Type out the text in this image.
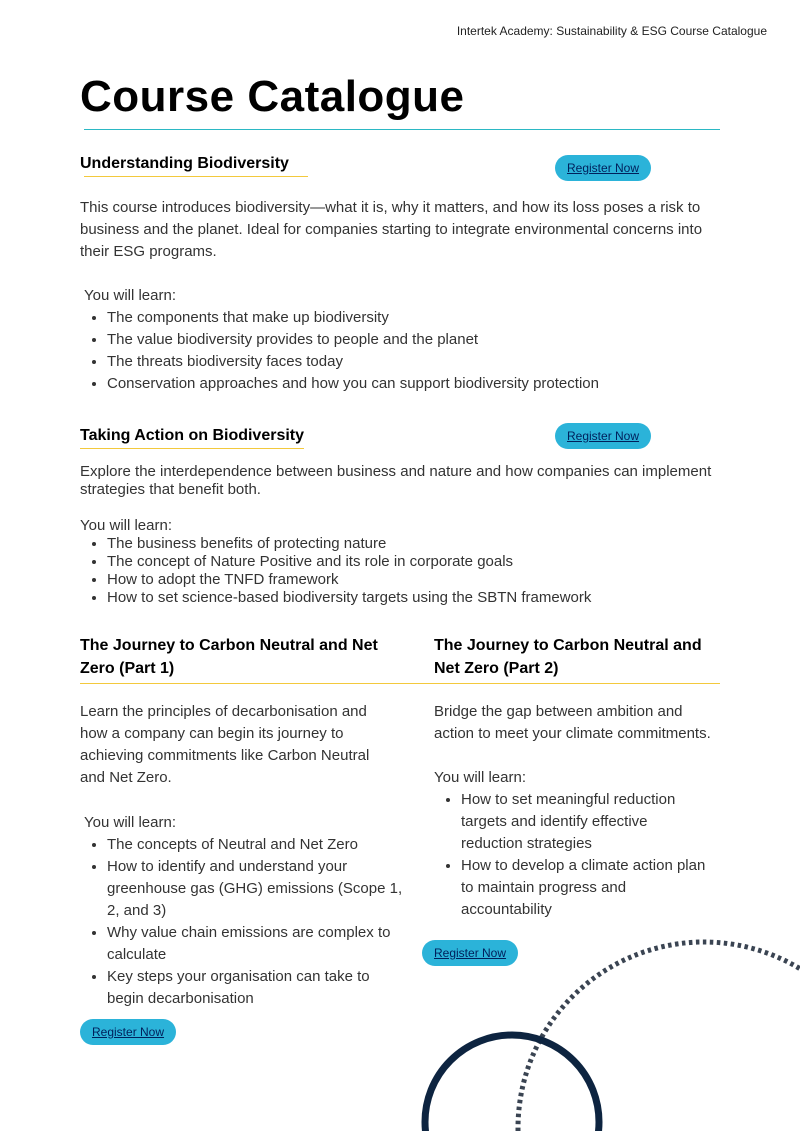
Intertek Academy: Sustainability & ESG Course Catalogue
Course Catalogue
Understanding Biodiversity	Register Now

This course introduces biodiversity—what it is, why it matters, and how its loss poses a risk to business and the planet. Ideal for companies starting to integrate environmental concerns into their ESG programs.

You will learn:

• The components that make up biodiversity
• The value biodiversity provides to people and the planet
• The threats biodiversity faces today
• Conservation approaches and how you can support biodiversity protection
Taking Action on Biodiversity	Register Now

Explore the interdependence between business and nature and how companies can implement strategies that benefit both.

You will learn:

• The business benefits of protecting nature
• The concept of Nature Positive and its role in corporate goals
• How to adopt the TNFD framework
• How to set science-based biodiversity targets using the SBTN framework
The Journey to Carbon Neutral and Net Zero (Part 1)

Learn the principles of decarbonisation and how a company can begin its journey to achieving commitments like Carbon Neutral and Net Zero.

You will learn:

• The concepts of Neutral and Net Zero
• How to identify and understand your greenhouse gas (GHG) emissions (Scope 1, 2, and 3)
• Why value chain emissions are complex to calculate
• Key steps your organisation can take to begin decarbonisation
Register Now
The Journey to Carbon Neutral and Net Zero (Part 2)

Bridge the gap between ambition and action to meet your climate commitments.

You will learn:

• How to set meaningful reduction targets and identify effective reduction strategies
• How to develop a climate action plan to maintain progress and accountability
Register Now
